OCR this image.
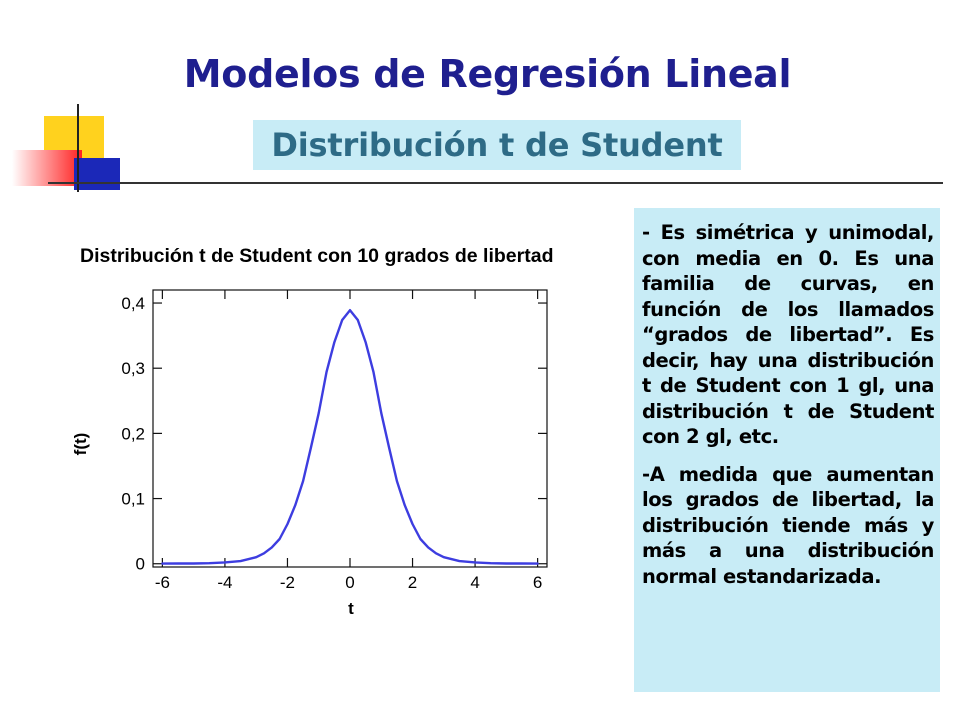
Modelos de Regresión Lineal
Distribución t de Student
Distribución t de Student con 10 grados de libertad
f(t)
t
-6	-4	-2	0	2	4	6
0
0,1
0,2
0,3
0,4

- Es simétrica y unimodal, con media en 0. Es una familia de curvas, en función de los llamados “grados de libertad”. Es decir, hay una distribución t de Student con 1 gl, una distribución t de Student con 2 gl, etc.

-A medida que aumentan los grados de libertad, la distribución tiende más y más a una distribución normal estandarizada.
